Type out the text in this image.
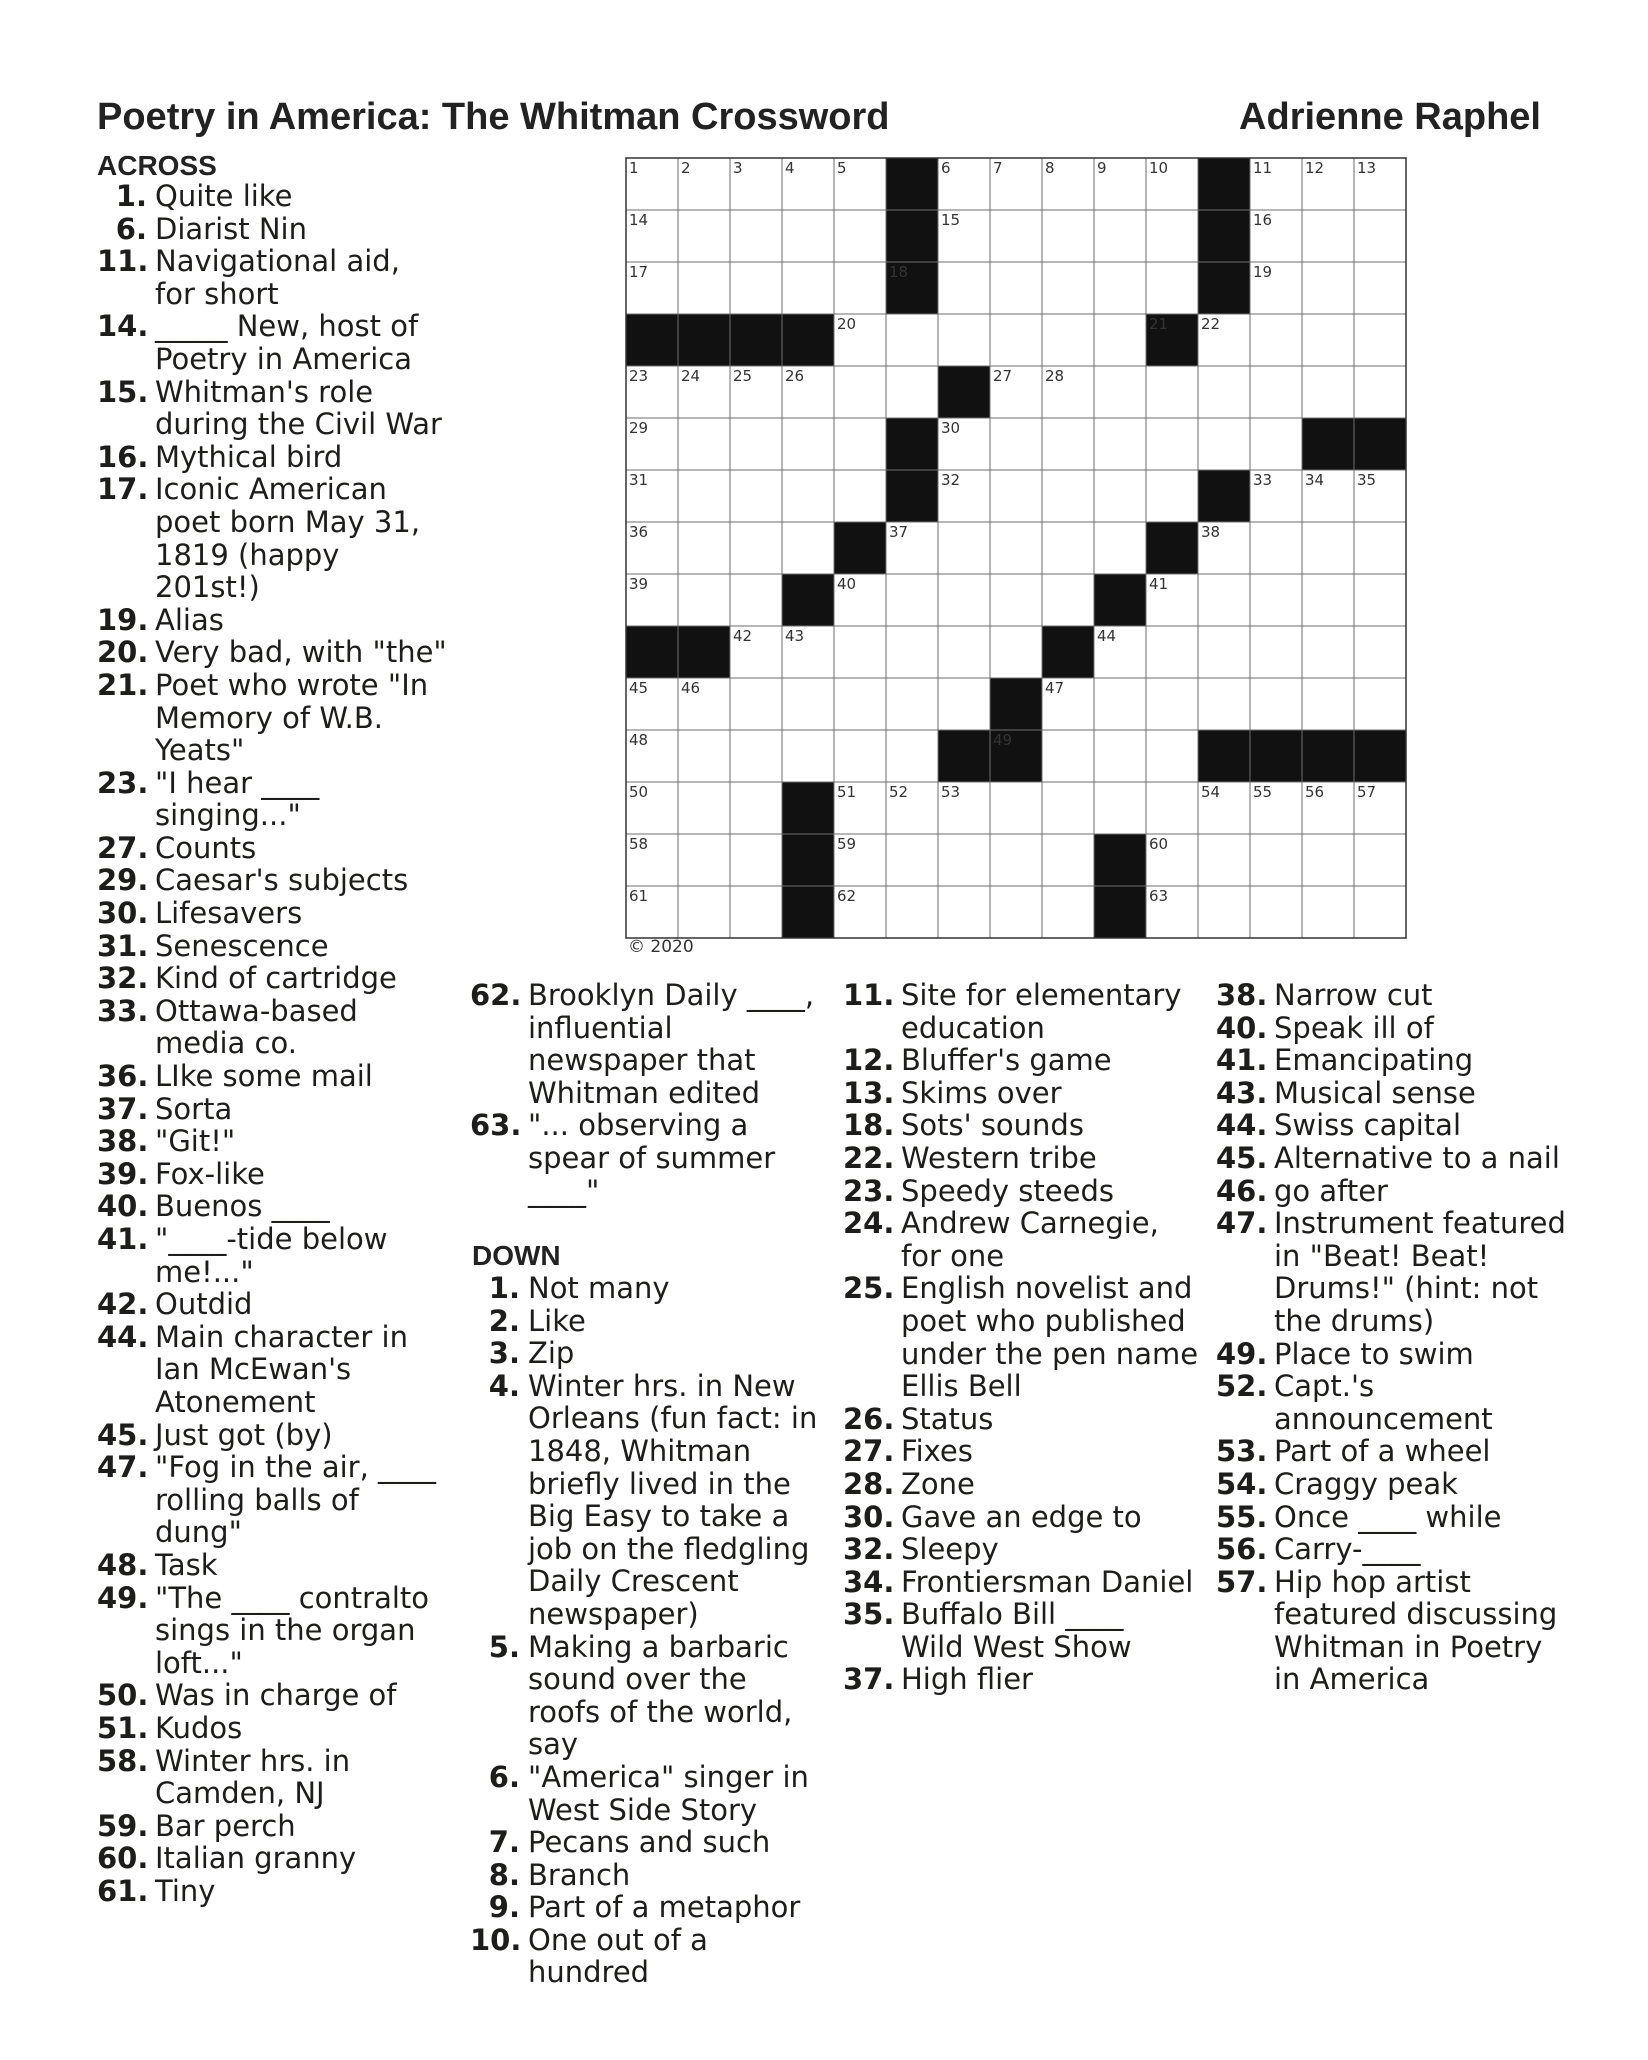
Poetry in America: The Whitman Crossword	Adrienne Raphel
ACROSS
1. Quite like
6. Diarist Nin
11. Navigational aid,
for short
14. _____ New, host of
Poetry in America
15. Whitman's role
during the Civil War
16. Mythical bird
17. Iconic American
poet born May 31,
1819 (happy
201st!)
19. Alias
20. Very bad, with "the"
21. Poet who wrote "In
Memory of W.B.
Yeats"
23. "I hear ____
singing..."
27. Counts
29. Caesar's subjects
30. Lifesavers
31. Senescence
32. Kind of cartridge
33. Ottawa-based
media co.
36. LIke some mail
37. Sorta
38. "Git!"
39. Fox-like
40. Buenos ____
41. "____-tide below
me!..."
42. Outdid
44. Main character in
Ian McEwan's
Atonement
45. Just got (by)
47. "Fog in the air, ____
rolling balls of
dung"
48. Task
49. "The ____ contralto
sings in the organ
loft..."
50. Was in charge of
51. Kudos
58. Winter hrs. in
Camden, NJ
59. Bar perch
60. Italian granny
61. Tiny
62. Brooklyn Daily ____,
influential
newspaper that
Whitman edited
63. "... observing a
spear of summer
____"
DOWN
1. Not many
2. Like
3. Zip
4. Winter hrs. in New
Orleans (fun fact: in
1848, Whitman
briefly lived in the
Big Easy to take a
job on the fledgling
Daily Crescent
newspaper)
5. Making a barbaric
sound over the
roofs of the world,
say
6. "America" singer in
West Side Story
7. Pecans and such
8. Branch
9. Part of a metaphor
10. One out of a
hundred
11. Site for elementary
education
12. Bluffer's game
13. Skims over
18. Sots' sounds
22. Western tribe
23. Speedy steeds
24. Andrew Carnegie,
for one
25. English novelist and
poet who published
under the pen name
Ellis Bell
26. Status
27. Fixes
28. Zone
30. Gave an edge to
32. Sleepy
34. Frontiersman Daniel
35. Buffalo Bill ____
Wild West Show
37. High flier
38. Narrow cut
40. Speak ill of
41. Emancipating
43. Musical sense
44. Swiss capital
45. Alternative to a nail
46. go after
47. Instrument featured
in "Beat! Beat!
Drums!" (hint: not
the drums)
49. Place to swim
52. Capt.'s
announcement
53. Part of a wheel
54. Craggy peak
55. Once ____ while
56. Carry-____
57. Hip hop artist
featured discussing
Whitman in Poetry
in America
1	2	3	4	5	6	7	8	9	10	11 12 13
14	15	16
17	18	19
20	21 22
23 24 25 26	27 28
29	30
31	32	33 34 35
36	37	38
39	40	41
42 43	44
45 46	47
48	49
50	51 52 53	54 55 56 57
58	59	60
61	62	63
© 2020
